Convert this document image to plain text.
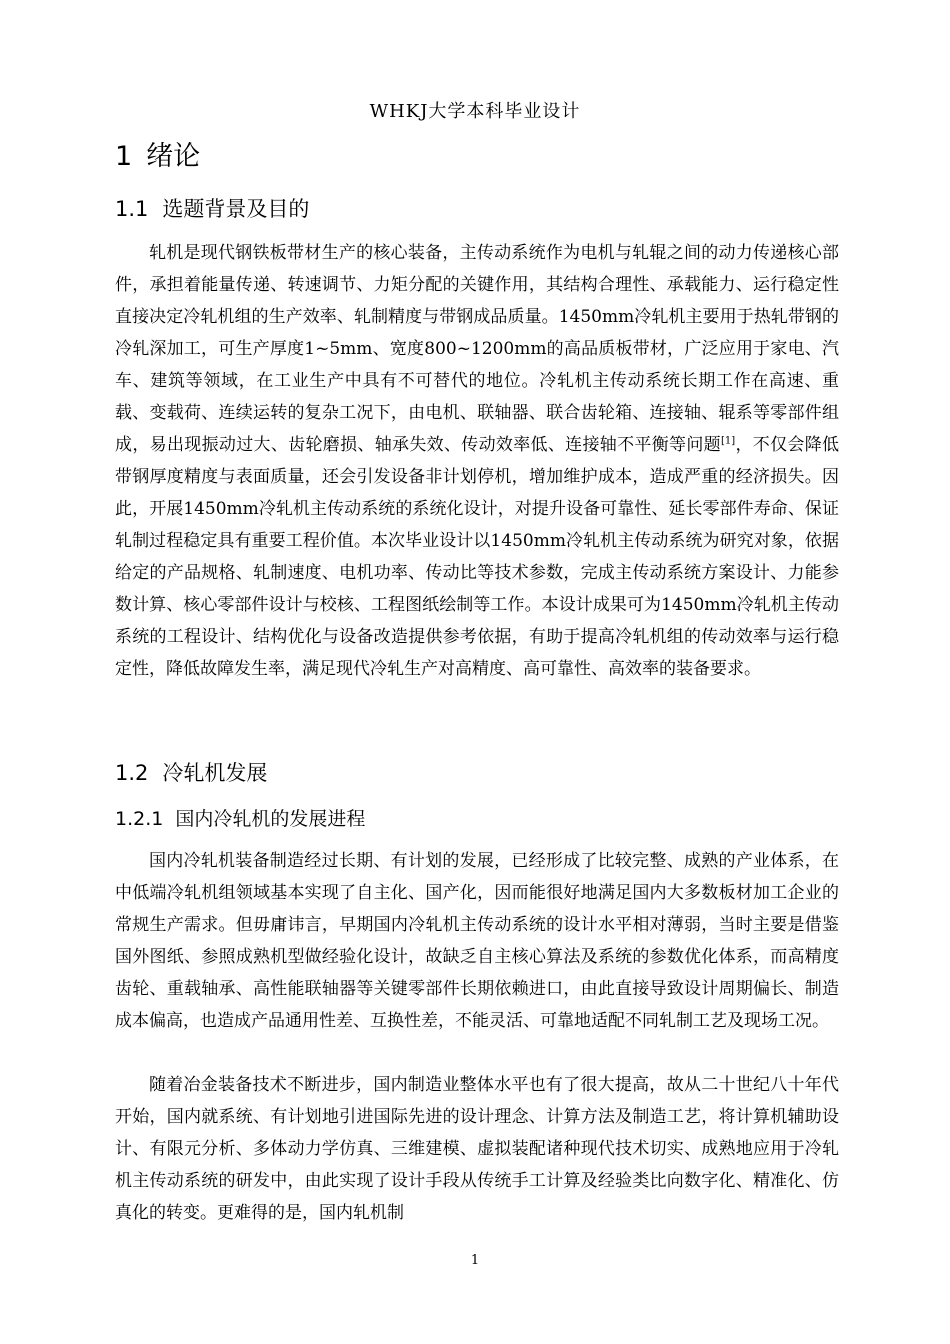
WHKJ大学本科毕业设计
1 绪论
1.1 选题背景及目的

轧机是现代钢铁板带材生产的核心装备，主传动系统作为电机与轧辊之间的动力传递核心部件，承担着能量传递、转速调节、力矩分配的关键作用，其结构合理性、承载能力、运行稳定性直接决定冷轧机组的生产效率、轧制精度与带钢成品质量。1450mm冷轧机主要用于热轧带钢的冷轧深加工，可生产厚度1~5mm、宽度800~1200mm的高品质板带材，广泛应用于家电、汽车、建筑等领域，在工业生产中具有不可替代的地位。冷轧机主传动系统长期工作在高速、重载、变载荷、连续运转的复杂工况下，由电机、联轴器、联合齿轮箱、连接轴、辊系等零部件组成，易出现振动过大、齿轮磨损、轴承失效、传动效率低、连接轴不平衡等问题[1]，不仅会降低带钢厚度精度与表面质量，还会引发设备非计划停机，增加维护成本，造成严重的经济损失。因此，开展1450mm冷轧机主传动系统的系统化设计，对提升设备可靠性、延长零部件寿命、保证轧制过程稳定具有重要工程价值。本次毕业设计以1450mm冷轧机主传动系统为研究对象，依据给定的产品规格、轧制速度、电机功率、传动比等技术参数，完成主传动系统方案设计、力能参数计算、核心零部件设计与校核、工程图纸绘制等工作。本设计成果可为1450mm冷轧机主传动系统的工程设计、结构优化与设备改造提供参考依据，有助于提高冷轧机组的传动效率与运行稳定性，降低故障发生率，满足现代冷轧生产对高精度、高可靠性、高效率的装备要求。

1.2 冷轧机发展
1.2.1 国内冷轧机的发展进程

国内冷轧机装备制造经过长期、有计划的发展，已经形成了比较完整、成熟的产业体系，在中低端冷轧机组领域基本实现了自主化、国产化，因而能很好地满足国内大多数板材加工企业的常规生产需求。但毋庸讳言，早期国内冷轧机主传动系统的设计水平相对薄弱，当时主要是借鉴国外图纸、参照成熟机型做经验化设计，故缺乏自主核心算法及系统的参数优化体系，而高精度齿轮、重载轴承、高性能联轴器等关键零部件长期依赖进口，由此直接导致设计周期偏长、制造成本偏高，也造成产品通用性差、互换性差，不能灵活、可靠地适配不同轧制工艺及现场工况。

随着冶金装备技术不断进步，国内制造业整体水平也有了很大提高，故从二十世纪八十年代开始，国内就系统、有计划地引进国际先进的设计理念、计算方法及制造工艺，将计算机辅助设计、有限元分析、多体动力学仿真、三维建模、虚拟装配诸种现代技术切实、成熟地应用于冷轧机主传动系统的研发中，由此实现了设计手段从传统手工计算及经验类比向数字化、精准化、仿真化的转变。更难得的是，国内轧机制

1
